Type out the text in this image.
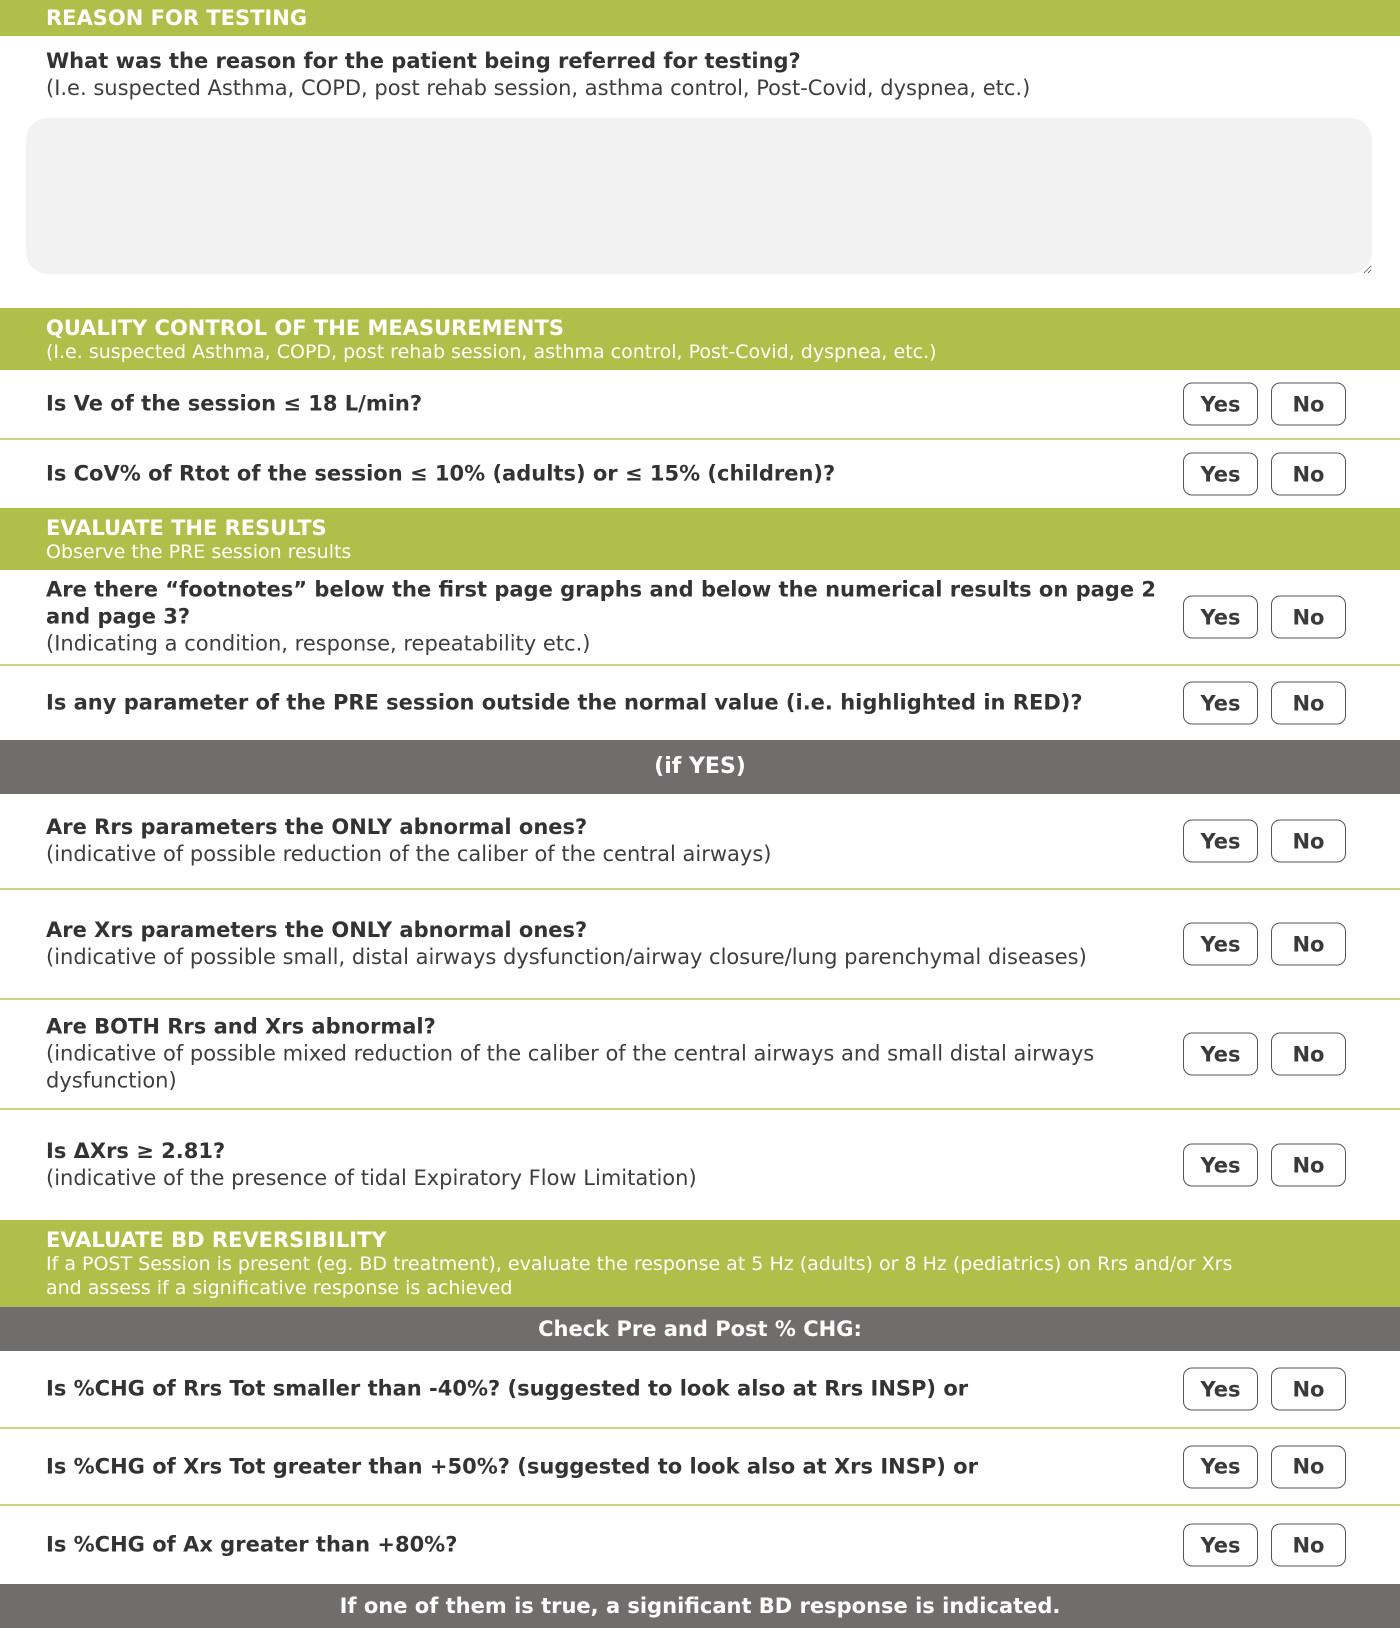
REASON FOR TESTING
What was the reason for the patient being referred for testing?
(I.e. suspected Asthma, COPD, post rehab session, asthma control, Post-Covid, dyspnea, etc.)
QUALITY CONTROL OF THE MEASUREMENTS
(I.e. suspected Asthma, COPD, post rehab session, asthma control, Post-Covid, dyspnea, etc.)
Is Ve of the session ≤ 18 L/min?	Yes	No
Is CoV% of Rtot of the session ≤ 10% (adults) or ≤ 15% (children)?	Yes	No
EVALUATE THE RESULTS
Observe the PRE session results
Are there “footnotes” below the first page graphs and below the numerical results on page 2 and page 3?
(Indicating a condition, response, repeatability etc.)
Yes	No
Is any parameter of the PRE session outside the normal value (i.e. highlighted in RED)?	Yes	No
(if YES)
Are Rrs parameters the ONLY abnormal ones?
(indicative of possible reduction of the caliber of the central airways)
Yes	No
Are Xrs parameters the ONLY abnormal ones?
(indicative of possible small, distal airways dysfunction/airway closure/lung parenchymal diseases)
Yes	No
Are BOTH Rrs and Xrs abnormal?
(indicative of possible mixed reduction of the caliber of the central airways and small distal airways dysfunction)
Yes	No
Is ΔXrs ≥ 2.81?
(indicative of the presence of tidal Expiratory Flow Limitation)
Yes	No
EVALUATE BD REVERSIBILITY
If a POST Session is present (eg. BD treatment), evaluate the response at 5 Hz (adults) or 8 Hz (pediatrics) on Rrs and/or Xrs
and assess if a significative response is achieved
Check Pre and Post % CHG:
Is %CHG of Rrs Tot smaller than -40%? (suggested to look also at Rrs INSP) or	Yes	No
Is %CHG of Xrs Tot greater than +50%? (suggested to look also at Xrs INSP) or	Yes	No
Is %CHG of Ax greater than +80%?	Yes	No
If one of them is true, a significant BD response is indicated.
